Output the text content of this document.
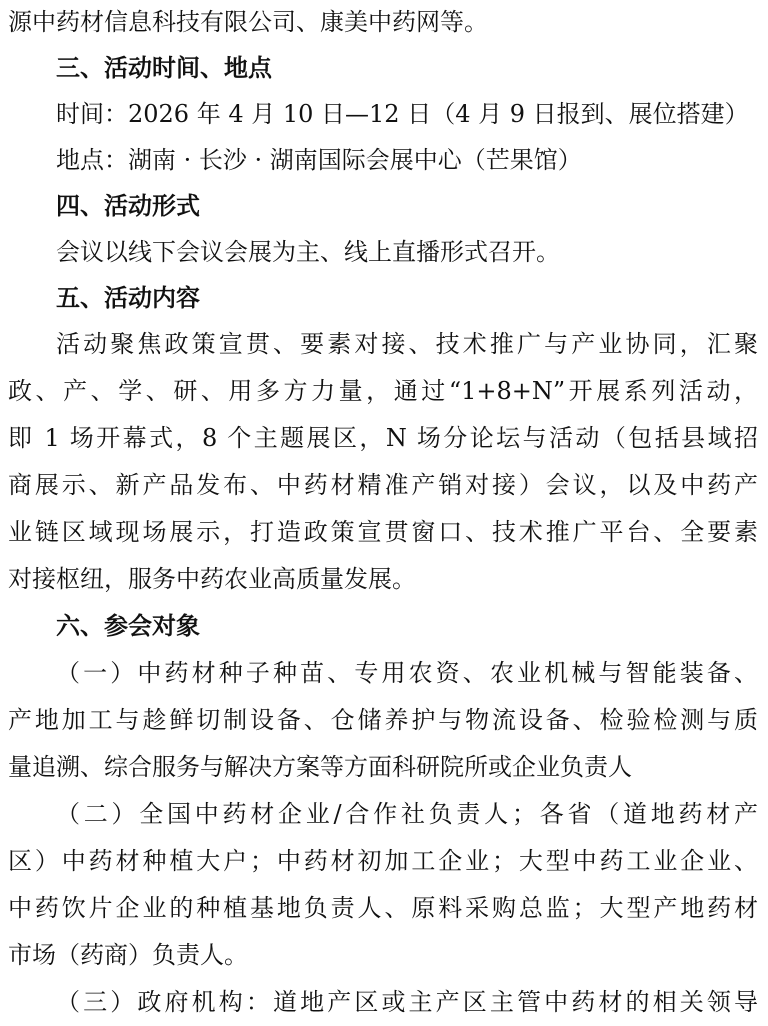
源中药材信息科技有限公司、康美中药网等。
三、活动时间、地点
时间：2026 年 4 月 10 日—12 日（4 月 9 日报到、展位搭建）
地点：湖南 · 长沙 · 湖南国际会展中心（芒果馆）
四、活动形式
会议以线下会议会展为主、线上直播形式召开。
五、活动内容
活动聚焦政策宣贯、要素对接、技术推广与产业协同，汇聚
政、产、学、研、用多方力量，通过“1+8+N”开展系列活动，
即 1 场开幕式，8 个主题展区，N 场分论坛与活动（包括县域招
商展示、新产品发布、中药材精准产销对接）会议，以及中药产
业链区域现场展示，打造政策宣贯窗口、技术推广平台、全要素
对接枢纽，服务中药农业高质量发展。
六、参会对象
（一）中药材种子种苗、专用农资、农业机械与智能装备、
产地加工与趁鲜切制设备、仓储养护与物流设备、检验检测与质
量追溯、综合服务与解决方案等方面科研院所或企业负责人
（二）全国中药材企业/合作社负责人；各省（道地药材产
区）中药材种植大户；中药材初加工企业；大型中药工业企业、
中药饮片企业的种植基地负责人、原料采购总监；大型产地药材
市场（药商）负责人。
（三）政府机构：道地产区或主产区主管中药材的相关领导
